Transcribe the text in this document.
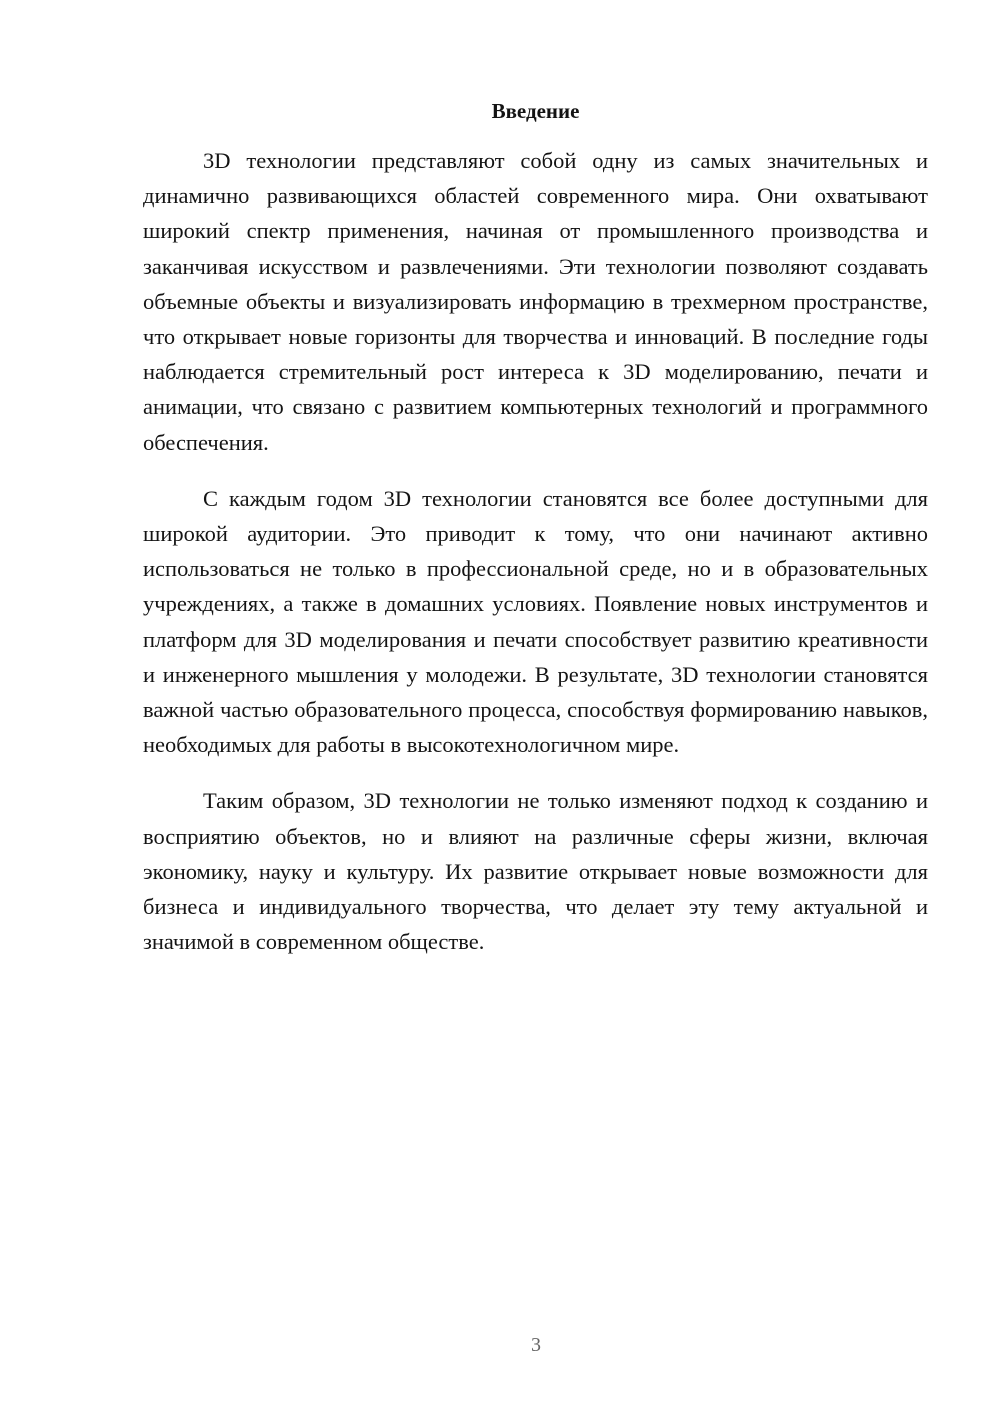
Введение

3D технологии представляют собой одну из самых значительных и динамично развивающихся областей современного мира. Они охватывают широкий спектр применения, начиная от промышленного производства и заканчивая искусством и развлечениями. Эти технологии позволяют создавать объемные объекты и визуализировать информацию в трехмерном пространстве, что открывает новые горизонты для творчества и инноваций. В последние годы наблюдается стремительный рост интереса к 3D моделированию, печати и анимации, что связано с развитием компьютерных технологий и программного обеспечения.

С каждым годом 3D технологии становятся все более доступными для широкой аудитории. Это приводит к тому, что они начинают активно использоваться не только в профессиональной среде, но и в образовательных учреждениях, а также в домашних условиях. Появление новых инструментов и платформ для 3D моделирования и печати способствует развитию креативности и инженерного мышления у молодежи. В результате, 3D технологии становятся важной частью образовательного процесса, способствуя формированию навыков, необходимых для работы в высокотехнологичном мире.

Таким образом, 3D технологии не только изменяют подход к созданию и восприятию объектов, но и влияют на различные сферы жизни, включая экономику, науку и культуру. Их развитие открывает новые возможности для бизнеса и индивидуального творчества, что делает эту тему актуальной и значимой в современном обществе.

3
